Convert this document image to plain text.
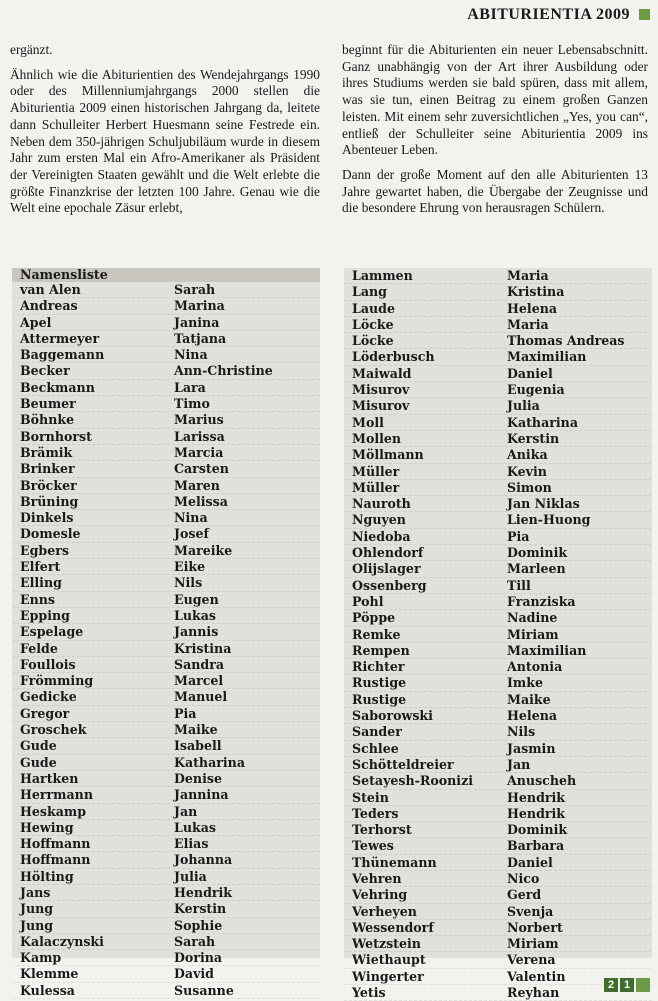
ABITURIENTIA 2009

ergänzt.

Ähnlich wie die Abiturientien des Wendejahrgangs 1990 oder des Millenniumjahrgangs 2000 stellen die Abiturientia 2009 einen historischen Jahrgang da, leitete dann Schulleiter Herbert Huesmann seine Festrede ein. Neben dem 350-jährigen Schuljubiläum wurde in diesem Jahr zum ersten Mal ein Afro-Amerikaner als Präsident der Vereinigten Staaten gewählt und die Welt erlebte die größte Finanzkrise der letzten 100 Jahre. Genau wie die Welt eine epochale Zäsur erlebt,

beginnt für die Abiturienten ein neuer Lebensabschnitt. Ganz unabhängig von der Art ihrer Ausbildung oder ihres Studiums werden sie bald spüren, dass mit allem, was sie tun, einen Beitrag zu einem großen Ganzen leisten. Mit einem sehr zuversichtlichen „Yes, you can“, entließ der Schulleiter seine Abiturientia 2009 ins Abenteuer Leben.

Dann der große Moment auf den alle Abiturienten 13 Jahre gewartet haben, die Übergabe der Zeugnisse und die besondere Ehrung von herausragen Schülern.

Namensliste
van Alen	Sarah
Andreas	Marina
Apel	Janina
Attermeyer	Tatjana
Baggemann	Nina
Becker	Ann-Christine
Beckmann	Lara
Beumer	Timo
Böhnke	Marius
Bornhorst	Larissa
Brämik	Marcia
Brinker	Carsten
Bröcker	Maren
Brüning	Melissa
Dinkels	Nina
Domesle	Josef
Egbers	Mareike
Elfert	Eike
Elling	Nils
Enns	Eugen
Epping	Lukas
Espelage	Jannis
Felde	Kristina
Foullois	Sandra
Frömming	Marcel
Gedicke	Manuel
Gregor	Pia
Groschek	Maike
Gude	Isabell
Gude	Katharina
Hartken	Denise
Herrmann	Jannina
Heskamp	Jan
Hewing	Lukas
Hoffmann	Elias
Hoffmann	Johanna
Hölting	Julia
Jans	Hendrik
Jung	Kerstin
Jung	Sophie
Kalaczynski	Sarah
Kamp	Dorina
Klemme	David
Kulessa	Susanne
Lammen	Maria
Lang	Kristina
Laude	Helena
Löcke	Maria
Löcke	Thomas Andreas
Löderbusch	Maximilian
Maiwald	Daniel
Misurov	Eugenia
Misurov	Julia
Moll	Katharina
Mollen	Kerstin
Möllmann	Anika
Müller	Kevin
Müller	Simon
Nauroth	Jan Niklas
Nguyen	Lien-Huong
Niedoba	Pia
Ohlendorf	Dominik
Olijslager	Marleen
Ossenberg	Till
Pohl	Franziska
Pöppe	Nadine
Remke	Miriam
Rempen	Maximilian
Richter	Antonia
Rustige	Imke
Rustige	Maike
Saborowski	Helena
Sander	Nils
Schlee	Jasmin
Schötteldreier	Jan
Setayesh-Roonizi	Anuscheh
Stein	Hendrik
Teders	Hendrik
Terhorst	Dominik
Tewes	Barbara
Thünemann	Daniel
Vehren	Nico
Vehring	Gerd
Verheyen	Svenja
Wessendorf	Norbert
Wetzstein	Miriam
Wiethaupt	Verena
Wingerter	Valentin
Yetis	Reyhan
2 1
